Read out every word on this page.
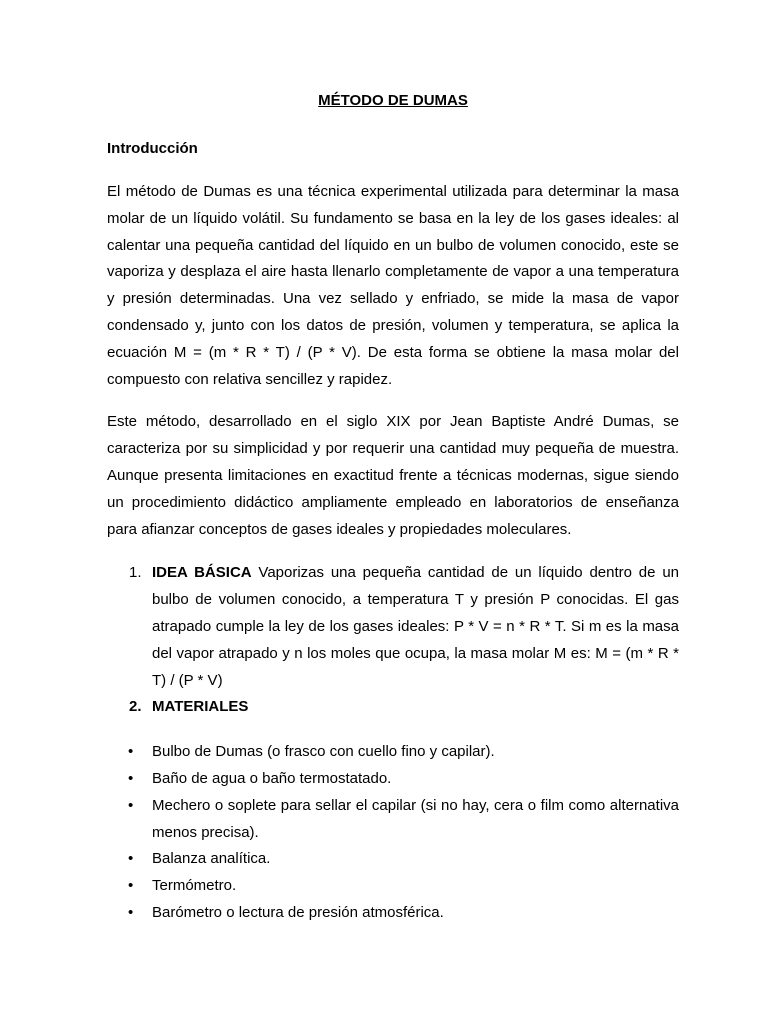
MÉTODO DE DUMAS

Introducción

El método de Dumas es una técnica experimental utilizada para determinar la masa molar de un líquido volátil. Su fundamento se basa en la ley de los gases ideales: al calentar una pequeña cantidad del líquido en un bulbo de volumen conocido, este se vaporiza y desplaza el aire hasta llenarlo completamente de vapor a una temperatura y presión determinadas. Una vez sellado y enfriado, se mide la masa de vapor condensado y, junto con los datos de presión, volumen y temperatura, se aplica la ecuación M = (m * R * T) / (P * V). De esta forma se obtiene la masa molar del compuesto con relativa sencillez y rapidez.

Este método, desarrollado en el siglo XIX por Jean Baptiste André Dumas, se caracteriza por su simplicidad y por requerir una cantidad muy pequeña de muestra. Aunque presenta limitaciones en exactitud frente a técnicas modernas, sigue siendo un procedimiento didáctico ampliamente empleado en laboratorios de enseñanza para afianzar conceptos de gases ideales y propiedades moleculares.

1. IDEA BÁSICA Vaporizas una pequeña cantidad de un líquido dentro de un bulbo de volumen conocido, a temperatura T y presión P conocidas. El gas atrapado cumple la ley de los gases ideales: P * V = n * R * T. Si m es la masa del vapor atrapado y n los moles que ocupa, la masa molar M es: M = (m * R * T) / (P * V)
2. MATERIALES
• Bulbo de Dumas (o frasco con cuello fino y capilar).
• Baño de agua o baño termostatado.
• Mechero o soplete para sellar el capilar (si no hay, cera o film como alternativa menos precisa).
• Balanza analítica.
• Termómetro.
• Barómetro o lectura de presión atmosférica.
